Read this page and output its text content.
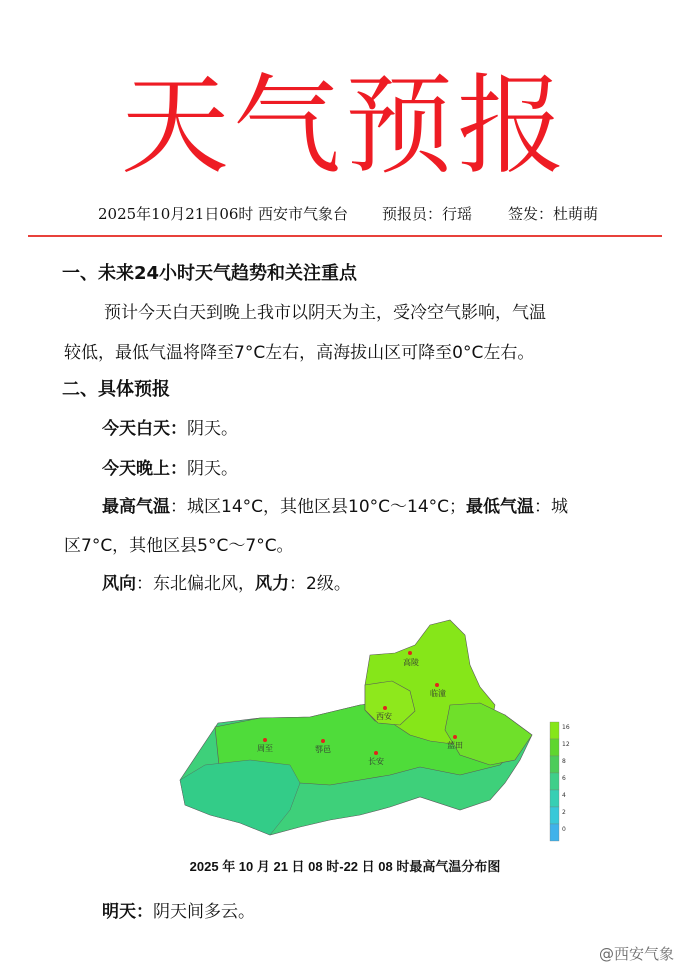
天气预报
2025年10月21日06时 西安市气象台 预报员：行瑶 签发：杜萌萌
一、未来24小时天气趋势和关注重点
预计今天白天到晚上我市以阴天为主，受冷空气影响，气温
较低，最低气温将降至7°C左右，高海拔山区可降至0°C左右。
二、具体预报
今天白天：阴天。
今天晚上：阴天。
最高气温：城区14°C，其他区县10°C～14°C；最低气温：城
区7°C，其他区县5°C～7°C。
风向：东北偏北风，风力：2级。
高陵
临潼
西安
蓝田
周至	鄠邑
长安
16
12
8
6
4
2
0
2025 年 10 月 21 日 08 时-22 日 08 时最高气温分布图
明天：阴天间多云。
@西安气象
